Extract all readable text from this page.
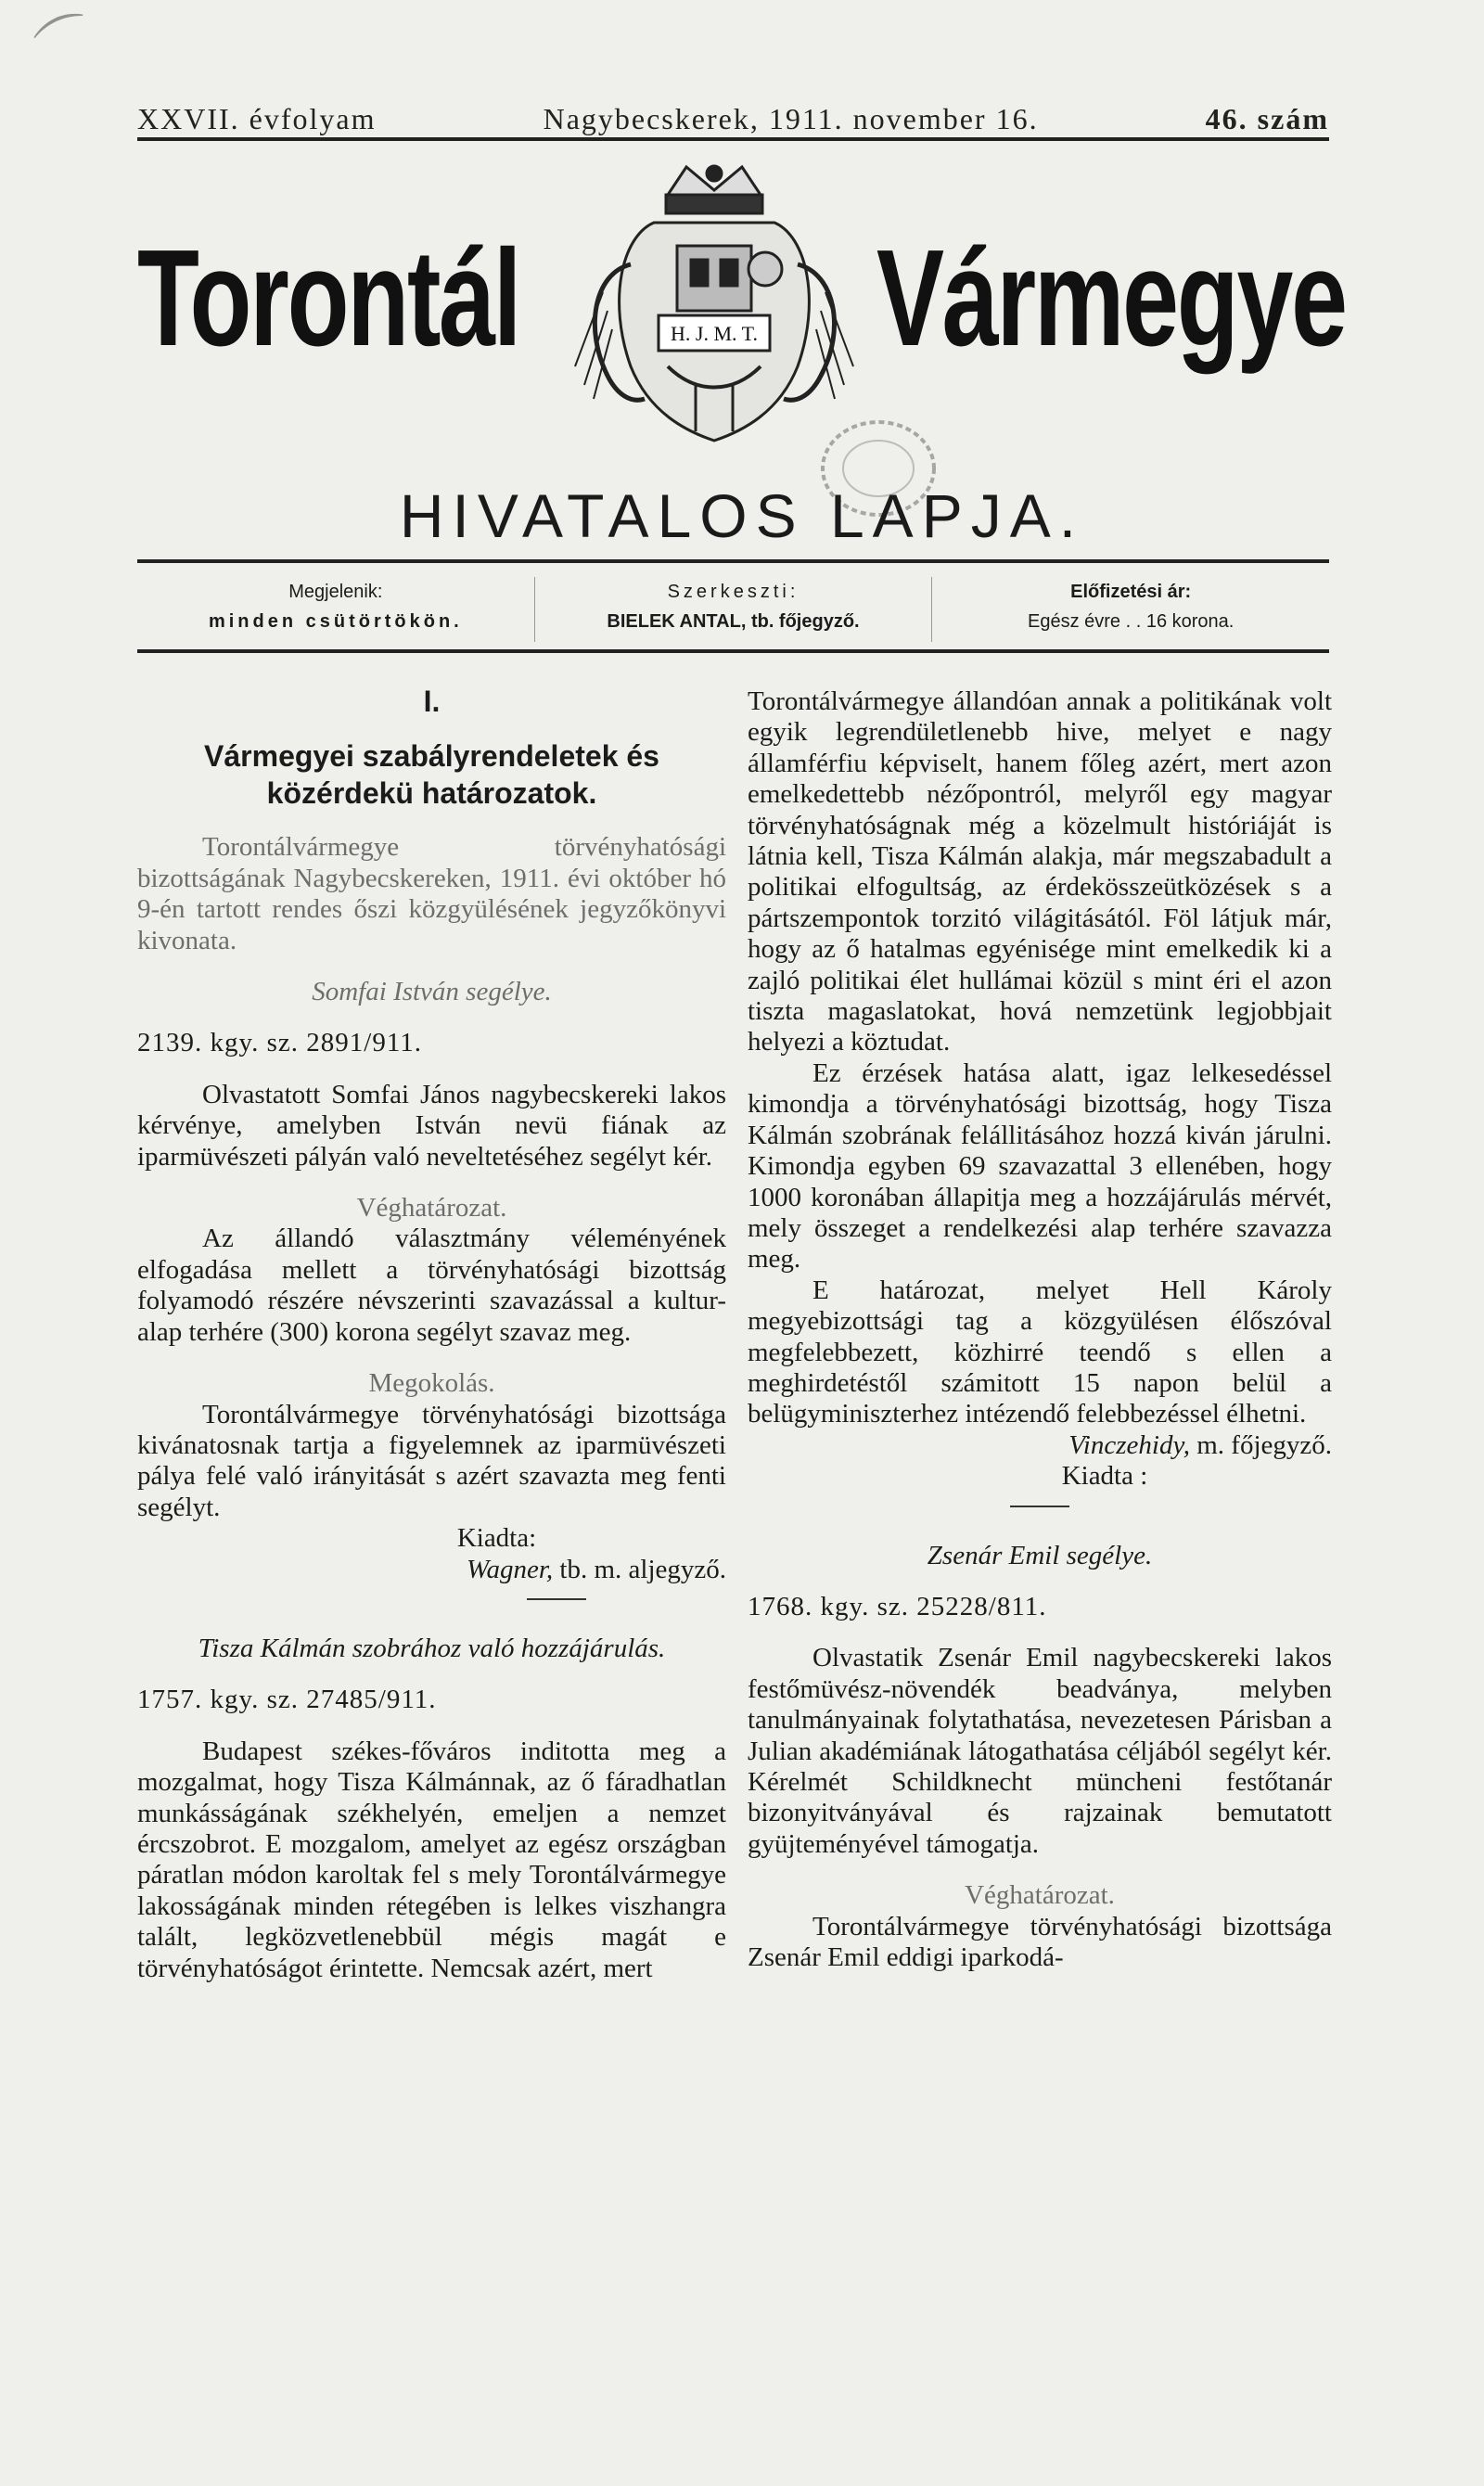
⌒
XXVII. évfolyam	Nagybecskerek, 1911. november 16.	46. szám
Torontál	H. J. M. T. Vármegye
HIVATALOS LAPJA.
Megjelenik:
minden csütörtökön.
Szerkeszti:
BIELEK ANTAL, tb. főjegyző.
Előfizetési ár:
Egész évre . . 16 korona.

I.

Vármegyei szabályrendeletek és közérdekü határozatok.

Torontálvármegye törvényhatósági bizottságának Nagybecskereken, 1911. évi október hó 9-én tartott rendes őszi közgyülésének jegyzőkönyvi kivonata.

Somfai István segélye.

2139. kgy. sz. 2891/911.

Olvastatott Somfai János nagybecskereki lakos kérvénye, amelyben István nevü fiának az iparmüvészeti pályán való neveltetéséhez segélyt kér.

Véghatározat.

Az állandó választmány véleményének elfogadása mellett a törvényhatósági bizottság folyamodó részére névszerinti szavazással a kultur-alap terhére (300) korona segélyt szavaz meg.

Megokolás.

Torontálvármegye törvényhatósági bizottsága kivánatosnak tartja a figyelemnek az iparmüvészeti pálya felé való irányitását s azért szavazta meg fenti segélyt.

Kiadta:

Wagner, tb. m. aljegyző.

Tisza Kálmán szobrához való hozzájárulás.

1757. kgy. sz. 27485/911.

Budapest székes-főváros inditotta meg a mozgalmat, hogy Tisza Kálmánnak, az ő fáradhatlan munkásságának székhelyén, emeljen a nemzet ércszobrot. E mozgalom, amelyet az egész országban páratlan módon karoltak fel s mely Torontálvármegye lakosságának minden rétegében is lelkes viszhangra talált, legközvetlenebbül mégis magát e törvényhatóságot érintette. Nemcsak azért, mert

Torontálvármegye állandóan annak a politikának volt egyik legrendületlenebb hive, melyet e nagy államférfiu képviselt, hanem főleg azért, mert azon emelkedettebb nézőpontról, melyről egy magyar törvényhatóságnak még a közelmult históriáját is látnia kell, Tisza Kálmán alakja, már megszabadult a politikai elfogultság, az érdekösszeütközések s a pártszempontok torzitó világitásától. Föl látjuk már, hogy az ő hatalmas egyénisége mint emelkedik ki a zajló politikai élet hullámai közül s mint éri el azon tiszta magaslatokat, hová nemzetünk legjobbjait helyezi a köztudat.

Ez érzések hatása alatt, igaz lelkesedéssel kimondja a törvényhatósági bizottság, hogy Tisza Kálmán szobrának felállitásához hozzá kiván járulni. Kimondja egyben 69 szavazattal 3 ellenében, hogy 1000 koronában állapitja meg a hozzájárulás mérvét, mely összeget a rendelkezési alap terhére szavazza meg.

E határozat, melyet Hell Károly megyebizottsági tag a közgyülésen élőszóval megfelebbezett, közhirré teendő s ellen a meghirdetéstől számitott 15 napon belül a belügyminiszterhez intézendő felebbezéssel élhetni.

Vinczehidy, m. főjegyző.

Kiadta :

Zsenár Emil segélye.

1768. kgy. sz. 25228/811.

Olvastatik Zsenár Emil nagybecskereki lakos festőmüvész-növendék beadványa, melyben tanulmányainak folytathatása, nevezetesen Párisban a Julian akadémiának látogathatása céljából segélyt kér. Kérelmét Schildknecht müncheni festőtanár bizonyitványával és rajzainak bemutatott gyüjteményével támogatja.

Véghatározat.

Torontálvármegye törvényhatósági bizottsága Zsenár Emil eddigi iparkodá-
